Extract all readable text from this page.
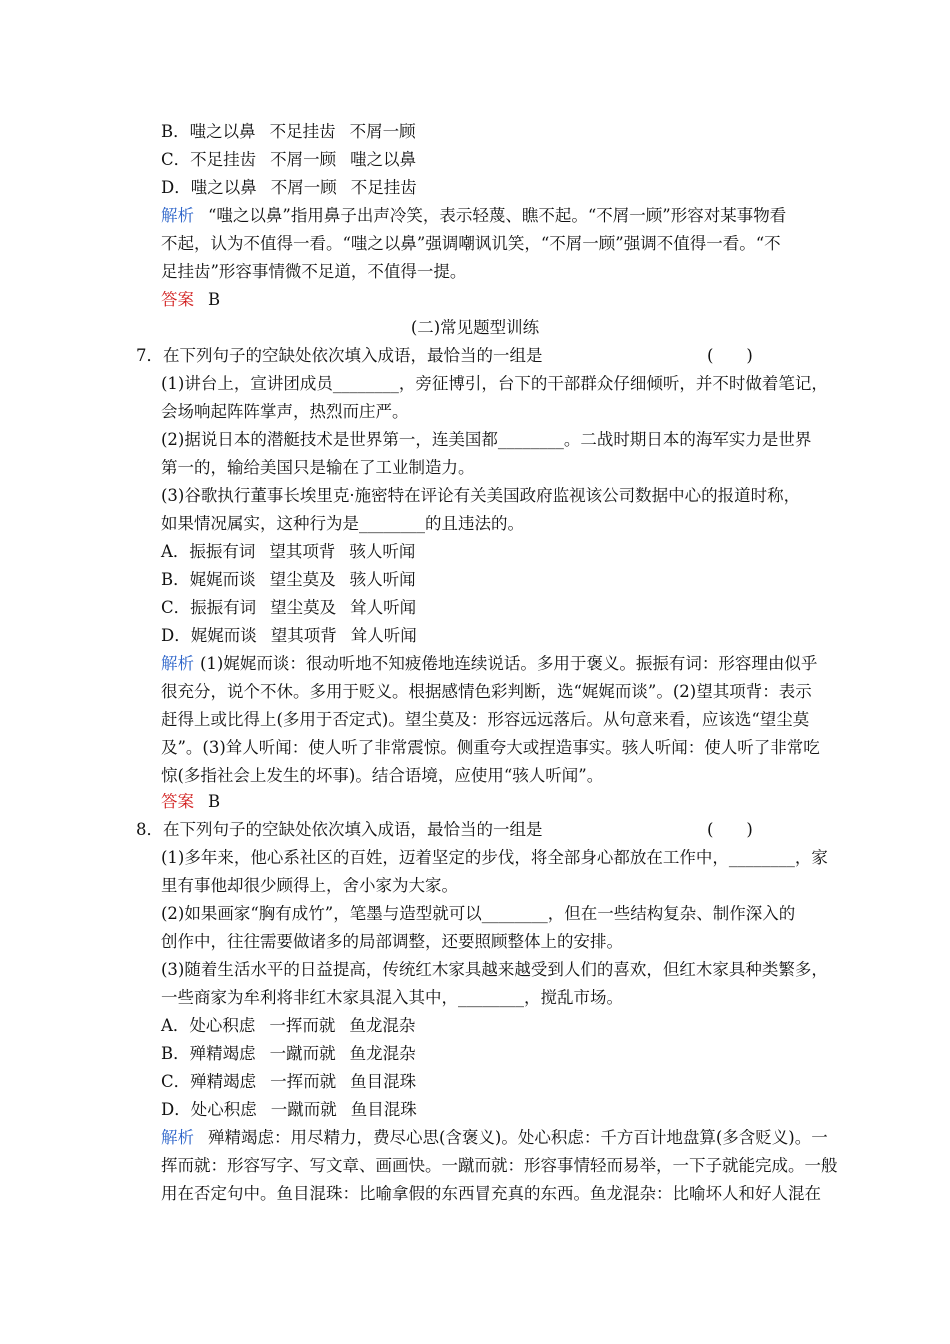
B．嗤之以鼻 不足挂齿 不屑一顾
C．不足挂齿 不屑一顾 嗤之以鼻
D．嗤之以鼻 不屑一顾 不足挂齿
解析 “嗤之以鼻”指用鼻子出声冷笑，表示轻蔑、瞧不起。“不屑一顾”形容对某事物看
不起，认为不值得一看。“嗤之以鼻”强调嘲讽讥笑，“不屑一顾”强调不值得一看。“不
足挂齿”形容事情微不足道，不值得一提。
答案 B
(二)常见题型训练
7．在下列句子的空缺处依次填入成语，最恰当的一组是	(　　)
(1)讲台上，宣讲团成员________，旁征博引，台下的干部群众仔细倾听，并不时做着笔记，
会场响起阵阵掌声，热烈而庄严。
(2)据说日本的潜艇技术是世界第一，连美国都________。二战时期日本的海军实力是世界
第一的，输给美国只是输在了工业制造力。
(3)谷歌执行董事长埃里克·施密特在评论有关美国政府监视该公司数据中心的报道时称，
如果情况属实，这种行为是________的且违法的。
A．振振有词 望其项背 骇人听闻
B．娓娓而谈 望尘莫及 骇人听闻
C．振振有词 望尘莫及 耸人听闻
D．娓娓而谈 望其项背 耸人听闻
解析 (1)娓娓而谈：很动听地不知疲倦地连续说话。多用于褒义。振振有词：形容理由似乎
很充分，说个不休。多用于贬义。根据感情色彩判断，选“娓娓而谈”。(2)望其项背：表示
赶得上或比得上(多用于否定式)。望尘莫及：形容远远落后。从句意来看，应该选“望尘莫
及”。(3)耸人听闻：使人听了非常震惊。侧重夸大或捏造事实。骇人听闻：使人听了非常吃
惊(多指社会上发生的坏事)。结合语境，应使用“骇人听闻”。
答案 B
8．在下列句子的空缺处依次填入成语，最恰当的一组是	(　　)
(1)多年来，他心系社区的百姓，迈着坚定的步伐，将全部身心都放在工作中，________，家
里有事他却很少顾得上，舍小家为大家。
(2)如果画家“胸有成竹”，笔墨与造型就可以________，但在一些结构复杂、制作深入的
创作中，往往需要做诸多的局部调整，还要照顾整体上的安排。
(3)随着生活水平的日益提高，传统红木家具越来越受到人们的喜欢，但红木家具种类繁多，
一些商家为牟利将非红木家具混入其中，________，搅乱市场。
A．处心积虑 一挥而就 鱼龙混杂
B．殚精竭虑 一蹴而就 鱼龙混杂
C．殚精竭虑 一挥而就 鱼目混珠
D．处心积虑 一蹴而就 鱼目混珠
解析 殚精竭虑：用尽精力，费尽心思(含褒义)。处心积虑：千方百计地盘算(多含贬义)。一
挥而就：形容写字、写文章、画画快。一蹴而就：形容事情轻而易举，一下子就能完成。一般
用在否定句中。鱼目混珠：比喻拿假的东西冒充真的东西。鱼龙混杂：比喻坏人和好人混在
